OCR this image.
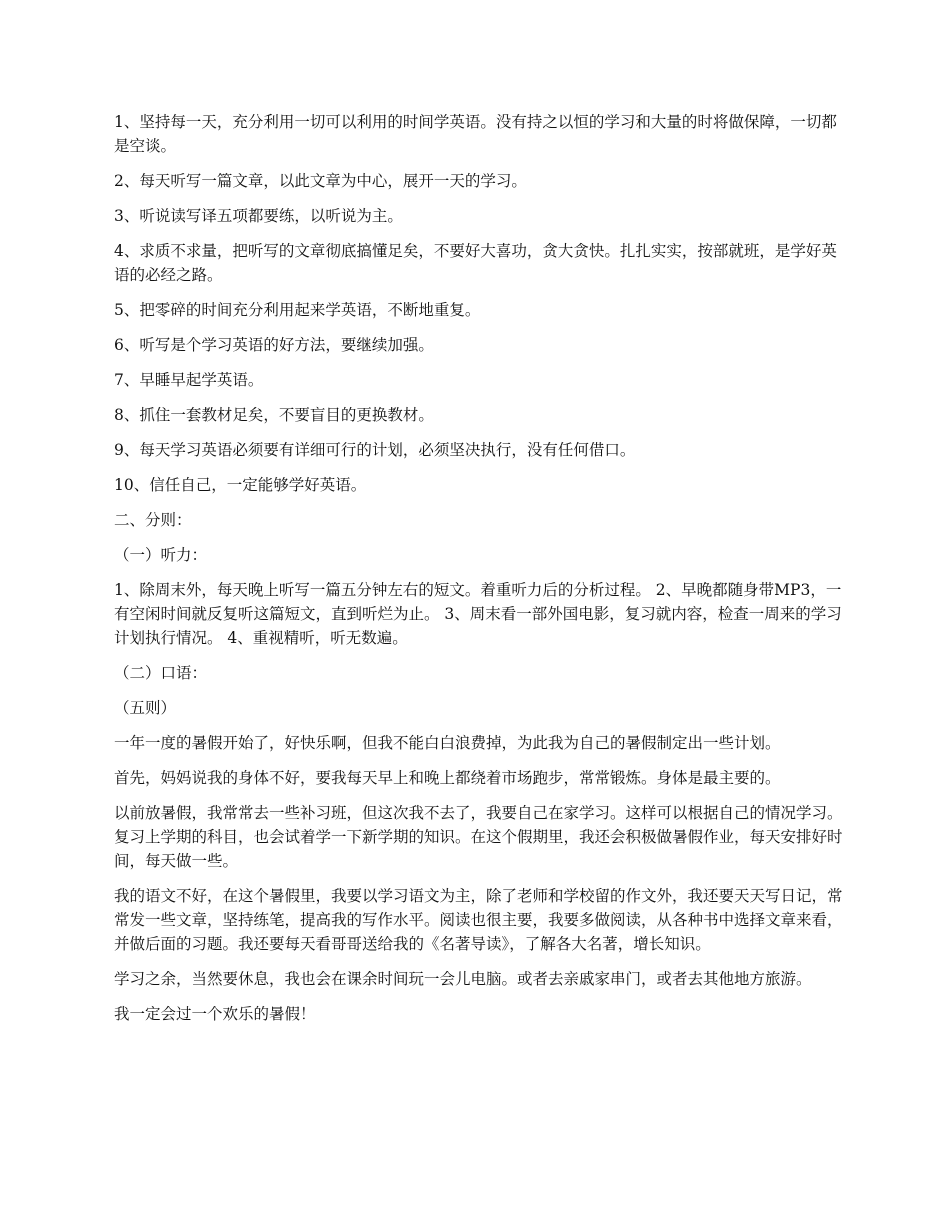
1、坚持每一天，充分利用一切可以利用的时间学英语。没有持之以恒的学习和大量的时将做保障，一切都是空谈。

2、每天听写一篇文章，以此文章为中心，展开一天的学习。

3、听说读写译五项都要练，以听说为主。

4、求质不求量，把听写的文章彻底搞懂足矣，不要好大喜功，贪大贪快。扎扎实实，按部就班，是学好英语的必经之路。

5、把零碎的时间充分利用起来学英语，不断地重复。

6、听写是个学习英语的好方法，要继续加强。

7、早睡早起学英语。

8、抓住一套教材足矣，不要盲目的更换教材。

9、每天学习英语必须要有详细可行的计划，必须坚决执行，没有任何借口。

10、信任自己，一定能够学好英语。

二、分则：

（一）听力：

1、除周末外，每天晚上听写一篇五分钟左右的短文。着重听力后的分析过程。 2、早晚都随身带MP3，一有空闲时间就反复听这篇短文，直到听烂为止。 3、周末看一部外国电影，复习就内容，检查一周来的学习计划执行情况。 4、重视精听，听无数遍。

（二）口语：

（五则）

一年一度的暑假开始了，好快乐啊，但我不能白白浪费掉，为此我为自己的暑假制定出一些计划。

首先，妈妈说我的身体不好，要我每天早上和晚上都绕着市场跑步，常常锻炼。身体是最主要的。

以前放暑假，我常常去一些补习班，但这次我不去了，我要自己在家学习。这样可以根据自己的情况学习。复习上学期的科目，也会试着学一下新学期的知识。在这个假期里，我还会积极做暑假作业，每天安排好时间，每天做一些。

我的语文不好，在这个暑假里，我要以学习语文为主，除了老师和学校留的作文外，我还要天天写日记，常常发一些文章，坚持练笔，提高我的写作水平。阅读也很主要，我要多做阅读，从各种书中选择文章来看，并做后面的习题。我还要每天看哥哥送给我的《名著导读》，了解各大名著，增长知识。

学习之余，当然要休息，我也会在课余时间玩一会儿电脑。或者去亲戚家串门，或者去其他地方旅游。

我一定会过一个欢乐的暑假！
